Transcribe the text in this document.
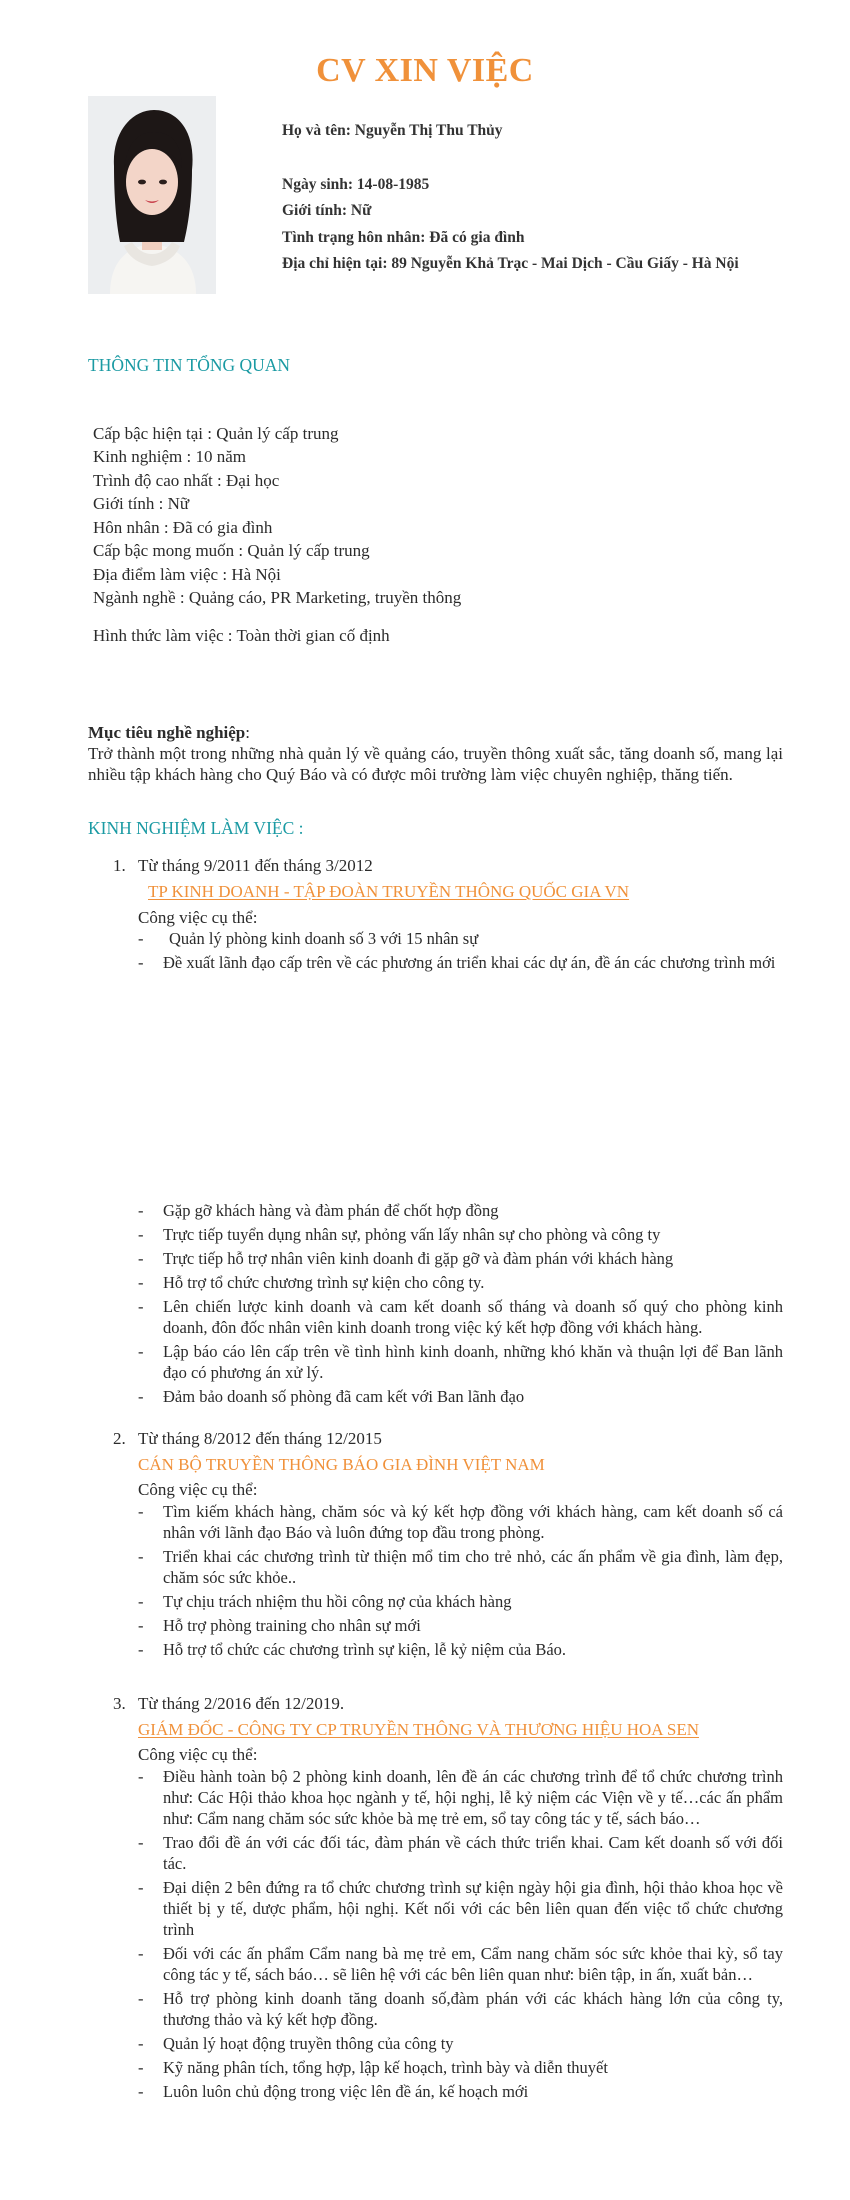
CV XIN VIỆC
Họ và tên: Nguyễn Thị Thu Thủy
Ngày sinh: 14-08-1985
Giới tính: Nữ
Tình trạng hôn nhân: Đã có gia đình
Địa chỉ hiện tại: 89 Nguyễn Khả Trạc - Mai Dịch - Cầu Giấy - Hà Nội
THÔNG TIN TỔNG QUAN
Cấp bậc hiện tại : Quản lý cấp trung
Kinh nghiệm : 10 năm
Trình độ cao nhất : Đại học
Giới tính : Nữ
Hôn nhân : Đã có gia đình
Cấp bậc mong muốn : Quản lý cấp trung
Địa điểm làm việc : Hà Nội
Ngành nghề : Quảng cáo, PR Marketing, truyền thông
Hình thức làm việc : Toàn thời gian cố định
Mục tiêu nghề nghiệp:
Trở thành một trong những nhà quản lý về quảng cáo, truyền thông xuất sắc, tăng doanh số, mang lại nhiều tập khách hàng cho Quý Báo và có được môi trường làm việc chuyên nghiệp, thăng tiến.
KINH NGHIỆM LÀM VIỆC :
1. Từ tháng 9/2011 đến tháng 3/2012
TP KINH DOANH - TẬP ĐOÀN TRUYỀN THÔNG QUỐC GIA VN
Công việc cụ thể:
- Quản lý phòng kinh doanh số 3 với 15 nhân sự
- Đề xuất lãnh đạo cấp trên về các phương án triển khai các dự án, đề án các chương trình mới
- Gặp gỡ khách hàng và đàm phán để chốt hợp đồng
- Trực tiếp tuyển dụng nhân sự, phỏng vấn lấy nhân sự cho phòng và công ty
- Trực tiếp hỗ trợ nhân viên kinh doanh đi gặp gỡ và đàm phán với khách hàng
- Hỗ trợ tổ chức chương trình sự kiện cho công ty.
- Lên chiến lược kinh doanh và cam kết doanh số tháng và doanh số quý cho phòng kinh doanh, đôn đốc nhân viên kinh doanh trong việc ký kết hợp đồng với khách hàng.
- Lập báo cáo lên cấp trên về tình hình kinh doanh, những khó khăn và thuận lợi để Ban lãnh đạo có phương án xử lý.
- Đảm bảo doanh số phòng đã cam kết với Ban lãnh đạo
2. Từ tháng 8/2012 đến tháng 12/2015
CÁN BỘ TRUYỀN THÔNG BÁO GIA ĐÌNH VIỆT NAM
Công việc cụ thể:
- Tìm kiếm khách hàng, chăm sóc và ký kết hợp đồng với khách hàng, cam kết doanh số cá nhân với lãnh đạo Báo và luôn đứng top đầu trong phòng.
- Triển khai các chương trình từ thiện mổ tim cho trẻ nhỏ, các ấn phẩm về gia đình, làm đẹp, chăm sóc sức khỏe..
- Tự chịu trách nhiệm thu hồi công nợ của khách hàng
- Hỗ trợ phòng training cho nhân sự mới
- Hỗ trợ tổ chức các chương trình sự kiện, lễ kỷ niệm của Báo.
3. Từ tháng 2/2016 đến 12/2019.
GIÁM ĐỐC - CÔNG TY CP TRUYỀN THÔNG VÀ THƯƠNG HIỆU HOA SEN
Công việc cụ thể:
- Điều hành toàn bộ 2 phòng kinh doanh, lên đề án các chương trình để tổ chức chương trình như: Các Hội thảo khoa học ngành y tế, hội nghị, lễ kỷ niệm các Viện về y tế…các ấn phẩm như: Cẩm nang chăm sóc sức khỏe bà mẹ trẻ em, sổ tay công tác y tế, sách báo…
- Trao đổi đề án với các đối tác, đàm phán về cách thức triển khai. Cam kết doanh số với đối tác.
- Đại diện 2 bên đứng ra tổ chức chương trình sự kiện ngày hội gia đình, hội thảo khoa học về thiết bị y tế, dược phẩm, hội nghị. Kết nối với các bên liên quan đến việc tổ chức chương trình
- Đối với các ấn phẩm Cẩm nang bà mẹ trẻ em, Cẩm nang chăm sóc sức khỏe thai kỳ, sổ tay công tác y tế, sách báo… sẽ liên hệ với các bên liên quan như: biên tập, in ấn, xuất bản…
- Hỗ trợ phòng kinh doanh tăng doanh số,đàm phán với các khách hàng lớn của công ty, thương thảo và ký kết hợp đồng.
- Quản lý hoạt động truyền thông của công ty
- Kỹ năng phân tích, tổng hợp, lập kế hoạch, trình bày và diễn thuyết
- Luôn luôn chủ động trong việc lên đề án, kế hoạch mới
